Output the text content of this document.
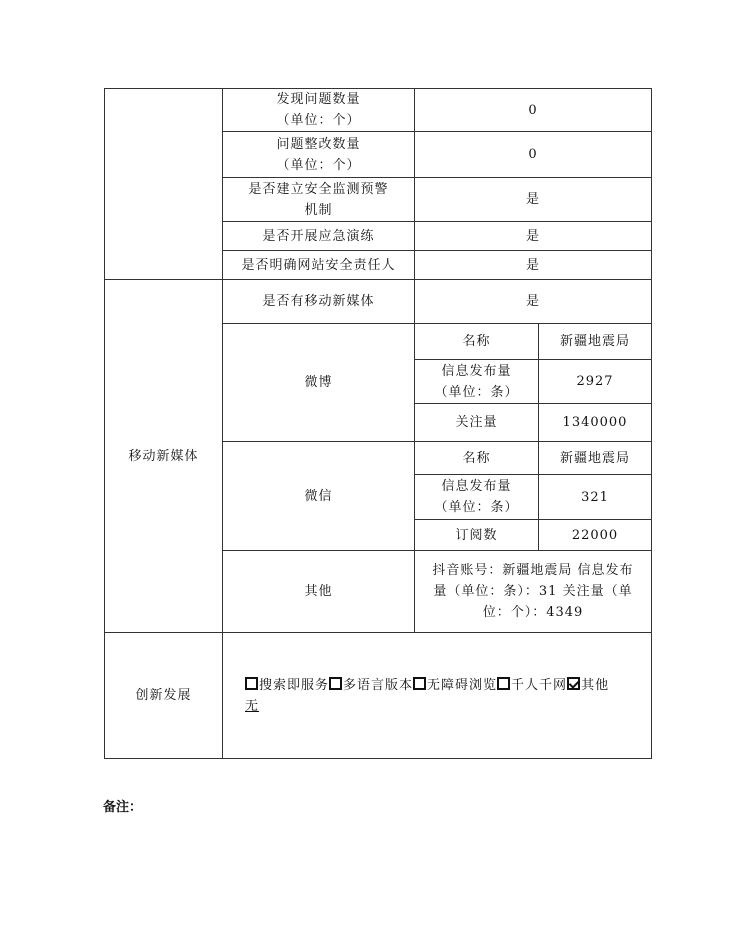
	发现问题数量
（单位：个）	0	

	问题整改数量
（单位：个）	0	

	是否建立安全监测预警
机制	是	
	是否开展应急演练	是	
	是否明确网站安全责任人	是	
移动新媒体	是否有移动新媒体	是	
	微博	名称	新疆地震局

		信息发布量
（单位：条）	2927
		关注量	1340000
	微信	名称	新疆地震局

		信息发布量
（单位：条）	321
		订阅数	22000
	其他	抖音账号：新疆地震局 信息发布
量（单位：条）：31 关注量（单
位：个）：4349	

创新发展	搜索即服务 多语言版本 无障碍浏览 千人千网 其他
无		
备注：
